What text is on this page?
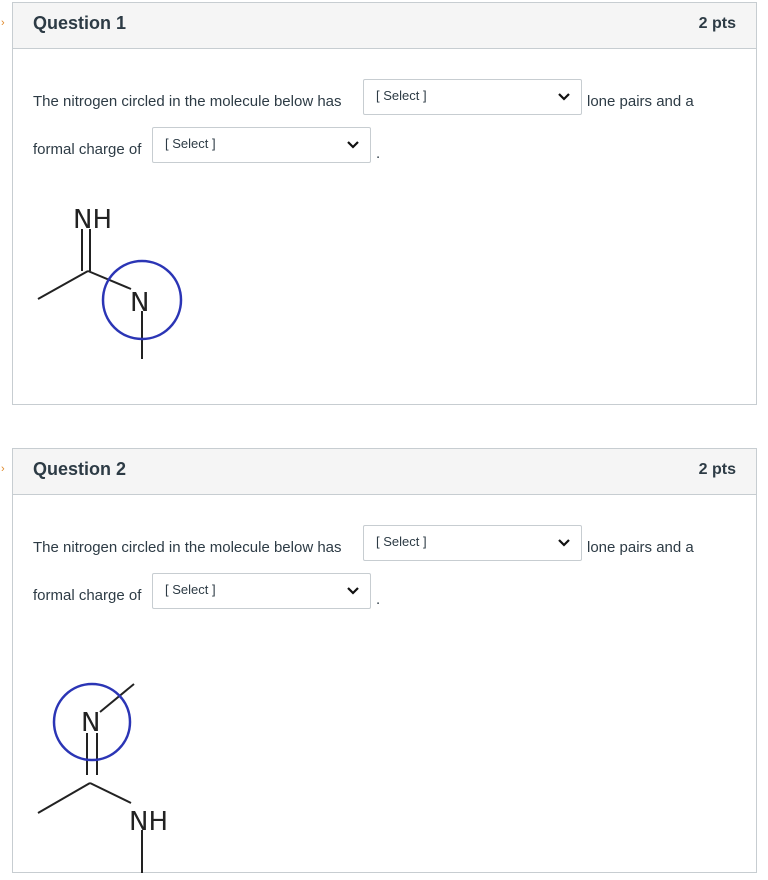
› Question 1	2 pts
The nitrogen circled in the molecule below has	[ Select ]	lone pairs and a
formal charge of [ Select ]
.
NH
N
› Question 2	2 pts
The nitrogen circled in the molecule below has	[ Select ]	lone pairs and a
formal charge of [ Select ]
.
N
NH
